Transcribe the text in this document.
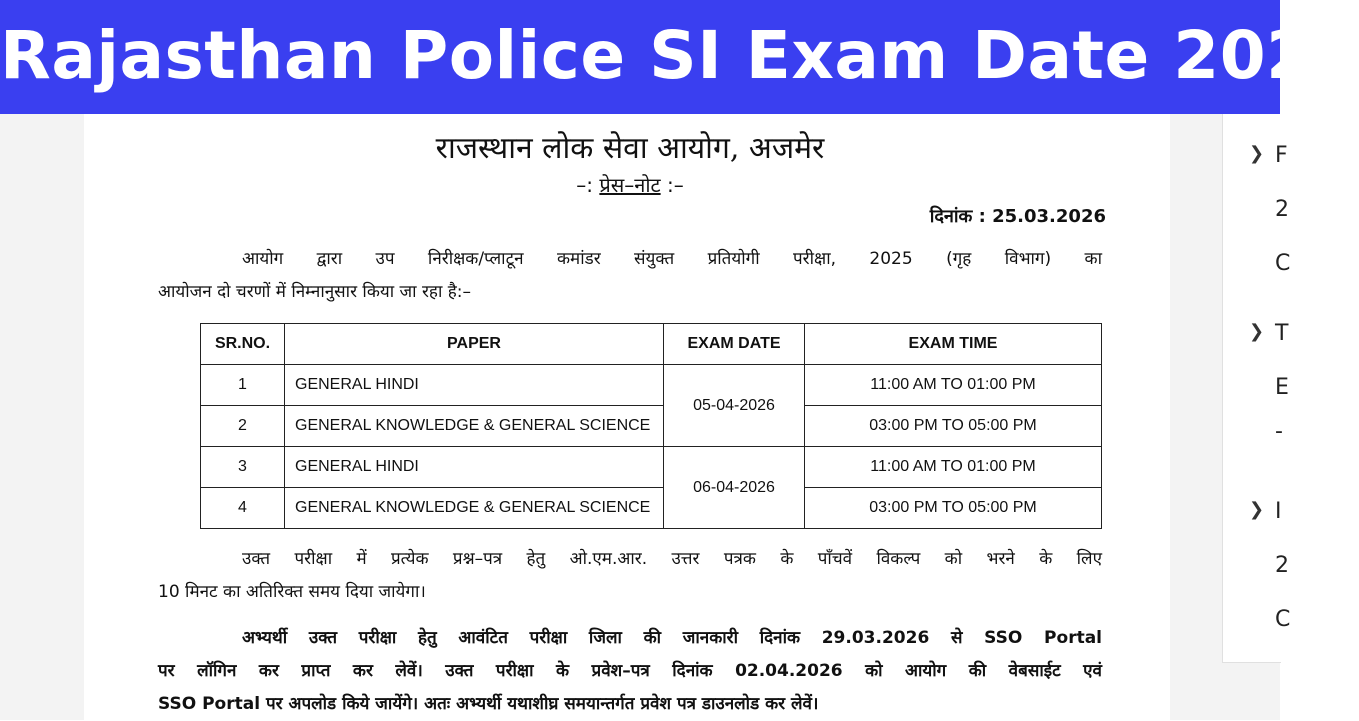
Rajasthan Police SI Exam Date 2026
राजस्थान लोक सेवा आयोग, अजमेर
–: प्रेस–नोट :–
दिनांक : 25.03.2026
आयोग द्वारा उप निरीक्षक/प्लाटून कमांडर संयुक्त प्रतियोगी परीक्षा, 2025 (गृह विभाग) का
आयोजन दो चरणों में निम्नानुसार किया जा रहा है:–
SR.NO.	PAPER	EXAM DATE	EXAM TIME
1	GENERAL HINDI	05-04-2026	11:00 AM TO 01:00 PM
2	GENERAL KNOWLEDGE & GENERAL SCIENCE		03:00 PM TO 05:00 PM
3	GENERAL HINDI	06-04-2026	11:00 AM TO 01:00 PM
4	GENERAL KNOWLEDGE & GENERAL SCIENCE		03:00 PM TO 05:00 PM
उक्त परीक्षा में प्रत्येक प्रश्न–पत्र हेतु ओ.एम.आर. उत्तर पत्रक के पाँचवें विकल्प को भरने के लिए
10 मिनट का अतिरिक्त समय दिया जायेगा।
अभ्यर्थी उक्त परीक्षा हेतु आवंटित परीक्षा जिला की जानकारी दिनांक 29.03.2026 से SSO Portal
पर लॉगिन कर प्राप्त कर लेवें। उक्त परीक्षा के प्रवेश–पत्र दिनांक 02.04.2026 को आयोग की वेबसाईट एवं
SSO Portal पर अपलोड किये जायेंगे। अतः अभ्यर्थी यथाशीघ्र समयान्तर्गत प्रवेश पत्र डाउनलोड कर लेवें।
❯ F
2
C
❯ T
E
-
❯ I
2
C
